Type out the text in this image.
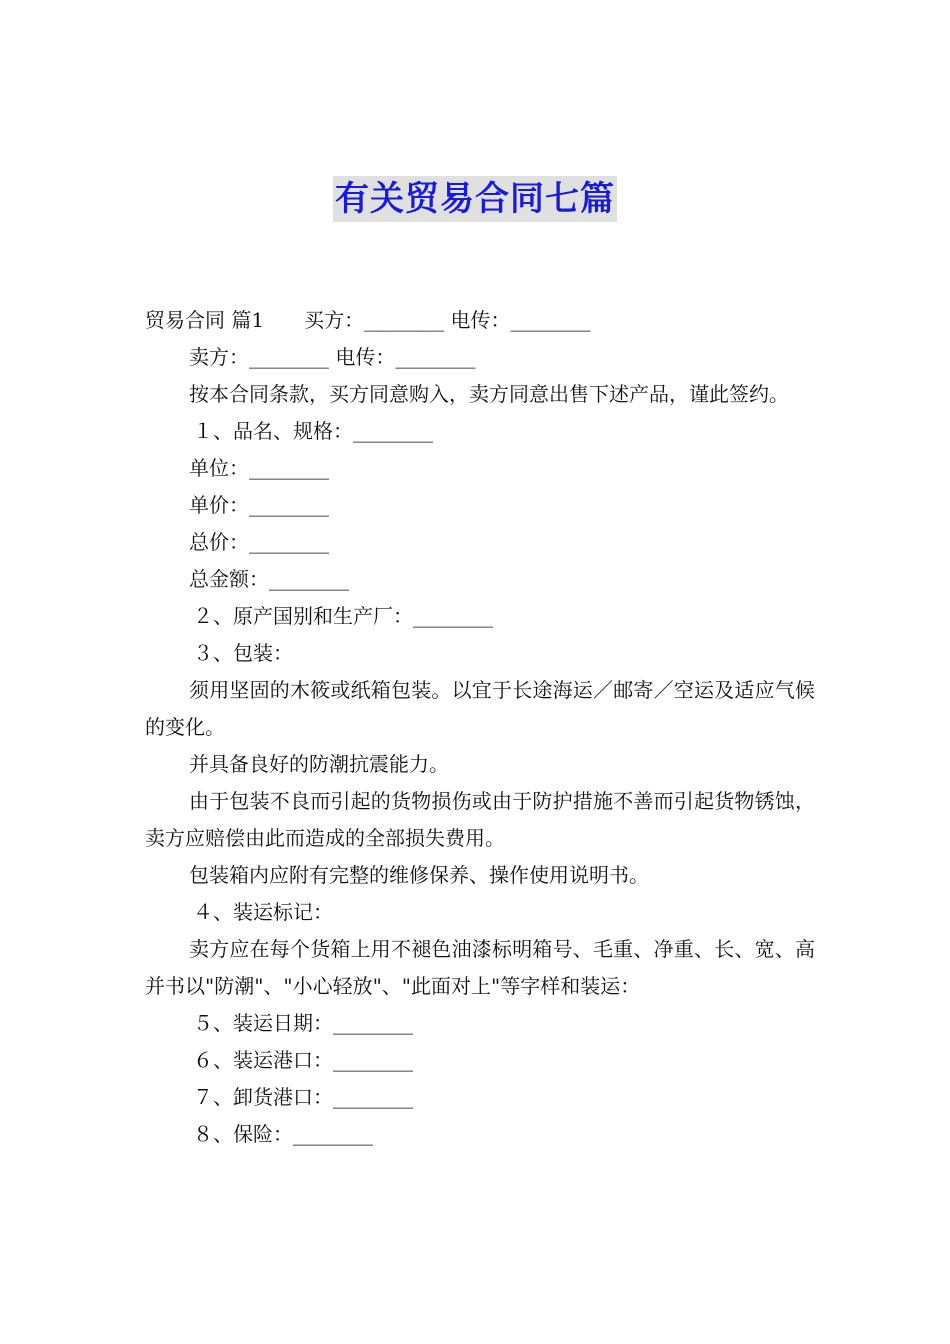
有关贸易合同七篇
贸易合同 篇1　　买方：________ 电传：________
卖方：________ 电传：________
按本合同条款，买方同意购入，卖方同意出售下述产品，谨此签约。
１、品名、规格：________
单位：________
单价：________
总价：________
总金额：________
２、原产国别和生产厂：________
３、包装：
须用坚固的木筱或纸箱包装。以宜于长途海运／邮寄／空运及适应气候的变化。
并具备良好的防潮抗震能力。
由于包装不良而引起的货物损伤或由于防护措施不善而引起货物锈蚀，卖方应赔偿由此而造成的全部损失费用。
包装箱内应附有完整的维修保养、操作使用说明书。
４、装运标记：
卖方应在每个货箱上用不褪色油漆标明箱号、毛重、净重、长、宽、高并书以"防潮"、"小心轻放"、"此面对上"等字样和装运：
５、装运日期：________
６、装运港口：________
７、卸货港口：________
８、保险：________
